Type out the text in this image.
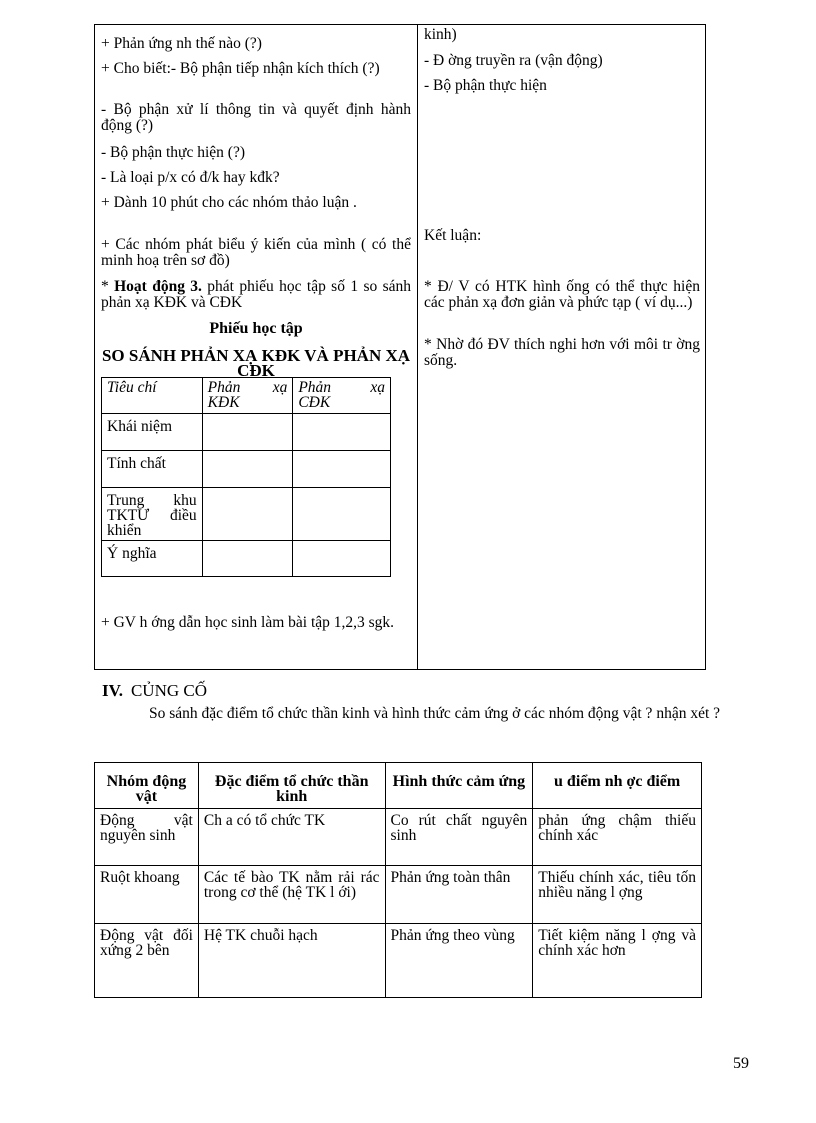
+ Phản ứng nh thế nào (?)
+ Cho biết:- Bộ phận tiếp nhận kích thích (?)
- Bộ phận xử lí thông tin và quyết định hành động (?)
- Bộ phận thực hiện (?)
- Là loại p/x có đ/k hay kđk?
+ Dành 10 phút cho các nhóm thảo luận .
+ Các nhóm phát biểu ý kiến của mình ( có thể minh hoạ trên sơ đồ)
* Hoạt động 3. phát phiếu học tập số 1 so sánh phản xạ KĐK và CĐK
Phiếu học tập
SO SÁNH PHẢN XẠ KĐK VÀ PHẢN XẠ CĐK
Tiêu chí	Phản xạ KĐK	Phản xạ CĐK
Khái niệm		
Tính chất		
Trung khu TKTƯ điều khiển		
Ý nghĩa		
+ GV h ớng dẫn học sinh làm bài tập 1,2,3 sgk.
kinh)
- Đ ờng truyền ra (vận động)
- Bộ phận thực hiện
Kết luận:
* Đ/ V có HTK hình ống có thể thực hiện các phản xạ đơn giản và phức tạp ( ví dụ...)
* Nhờ đó ĐV thích nghi hơn với môi tr ờng sống.
IV. CỦNG CỐ
So sánh đặc điểm tổ chức thần kinh và hình thức cảm ứng ở các nhóm động vật ? nhận xét ?
Nhóm động vật	Đặc điểm tổ chức thần kinh	Hình thức cảm ứng	u điểm nh ợc điểm
Động vật nguyên sinh	Ch a có tổ chức TK	Co rút chất nguyên sinh	phản ứng chậm thiếu chính xác
Ruột khoang	Các tế bào TK nằm rải rác trong cơ thể (hệ TK l ới)	Phản ứng toàn thân	Thiếu chính xác, tiêu tốn nhiều năng l ợng
Động vật đối xứng 2 bên	Hệ TK chuỗi hạch	Phản ứng theo vùng	Tiết kiệm năng l ợng và chính xác hơn
59
